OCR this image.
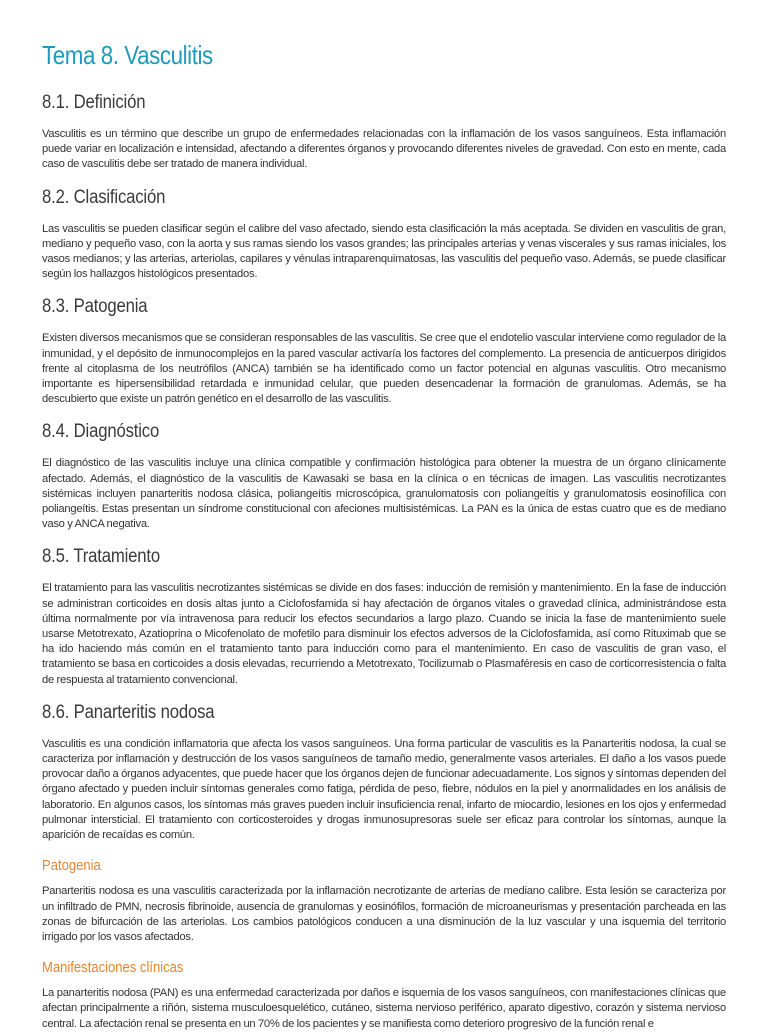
Tema 8. Vasculitis
8.1. Definición

Vasculitis es un término que describe un grupo de enfermedades relacionadas con la inflamación de los vasos sanguíneos. Esta inflamación puede variar en localización e intensidad, afectando a diferentes órganos y provocando diferentes niveles de gravedad. Con esto en mente, cada caso de vasculitis debe ser tratado de manera individual.

8.2. Clasificación

Las vasculitis se pueden clasificar según el calibre del vaso afectado, siendo esta clasificación la más aceptada. Se dividen en vasculitis de gran, mediano y pequeño vaso, con la aorta y sus ramas siendo los vasos grandes; las principales arterias y venas viscerales y sus ramas iniciales, los vasos medianos; y las arterias, arteriolas, capilares y vénulas intraparenquimatosas, las vasculitis del pequeño vaso. Además, se puede clasificar según los hallazgos histológicos presentados.

8.3. Patogenia

Existen diversos mecanismos que se consideran responsables de las vasculitis. Se cree que el endotelio vascular interviene como regulador de la inmunidad, y el depósito de inmunocomplejos en la pared vascular activaría los factores del complemento. La presencia de anticuerpos dirigidos frente al citoplasma de los neutrófilos (ANCA) también se ha identificado como un factor potencial en algunas vasculitis. Otro mecanismo importante es hipersensibilidad retardada e inmunidad celular, que pueden desencadenar la formación de granulomas. Además, se ha descubierto que existe un patrón genético en el desarrollo de las vasculitis.

8.4. Diagnóstico

El diagnóstico de las vasculitis incluye una clínica compatible y confirmación histológica para obtener la muestra de un órgano clínicamente afectado. Además, el diagnóstico de la vasculitis de Kawasaki se basa en la clínica o en técnicas de imagen. Las vasculitis necrotizantes sistémicas incluyen panarteritis nodosa clásica, poliangeítis microscópica, granulomatosis con poliangeítis y granulomatosis eosinofílica con poliangeítis. Estas presentan un síndrome constitucional con afeciones multisistémicas. La PAN es la única de estas cuatro que es de mediano vaso y ANCA negativa.

8.5. Tratamiento

El tratamiento para las vasculitis necrotizantes sistémicas se divide en dos fases: inducción de remisión y mantenimiento. En la fase de inducción se administran corticoides en dosis altas junto a Ciclofosfamida si hay afectación de órganos vitales o gravedad clínica, administrándose esta última normalmente por vía intravenosa para reducir los efectos secundarios a largo plazo. Cuando se inicia la fase de mantenimiento suele usarse Metotrexato, Azatioprina o Micofenolato de mofetilo para disminuir los efectos adversos de la Ciclofosfamida, así como Rituximab que se ha ido haciendo más común en el tratamiento tanto para inducción como para el mantenimiento. En caso de vasculitis de gran vaso, el tratamiento se basa en corticoides a dosis elevadas, recurriendo a Metotrexato, Tocilizumab o Plasmaféresis en caso de corticorresistencia o falta de respuesta al tratamiento convencional.

8.6. Panarteritis nodosa

Vasculitis es una condición inflamatoria que afecta los vasos sanguíneos. Una forma particular de vasculitis es la Panarteritis nodosa, la cual se caracteriza por inflamación y destrucción de los vasos sanguíneos de tamaño medio, generalmente vasos arteriales. El daño a los vasos puede provocar daño a órganos adyacentes, que puede hacer que los órganos dejen de funcionar adecuadamente. Los signos y síntomas dependen del órgano afectado y pueden incluir síntomas generales como fatiga, pérdida de peso, fiebre, nódulos en la piel y anormalidades en los análisis de laboratorio. En algunos casos, los síntomas más graves pueden incluir insuficiencia renal, infarto de miocardio, lesiones en los ojos y enfermedad pulmonar intersticial. El tratamiento con corticosteroides y drogas inmunosupresoras suele ser eficaz para controlar los síntomas, aunque la aparición de recaídas es común.

Patogenia

Panarteritis nodosa es una vasculitis caracterizada por la inflamación necrotizante de arterias de mediano calibre. Esta lesión se caracteriza por un infiltrado de PMN, necrosis fibrinoide, ausencia de granulomas y eosinófilos, formación de microaneurismas y presentación parcheada en las zonas de bifurcación de las arteriolas. Los cambios patológicos conducen a una disminución de la luz vascular y una isquemia del territorio irrigado por los vasos afectados.

Manifestaciones clínicas

La panarteritis nodosa (PAN) es una enfermedad caracterizada por daños e isquemia de los vasos sanguíneos, con manifestaciones clínicas que afectan principalmente a riñón, sistema musculoesquelético, cutáneo, sistema nervioso periférico, aparato digestivo, corazón y sistema nervioso central. La afectación renal se presenta en un 70% de los pacientes y se manifiesta como deterioro progresivo de la función renal e
